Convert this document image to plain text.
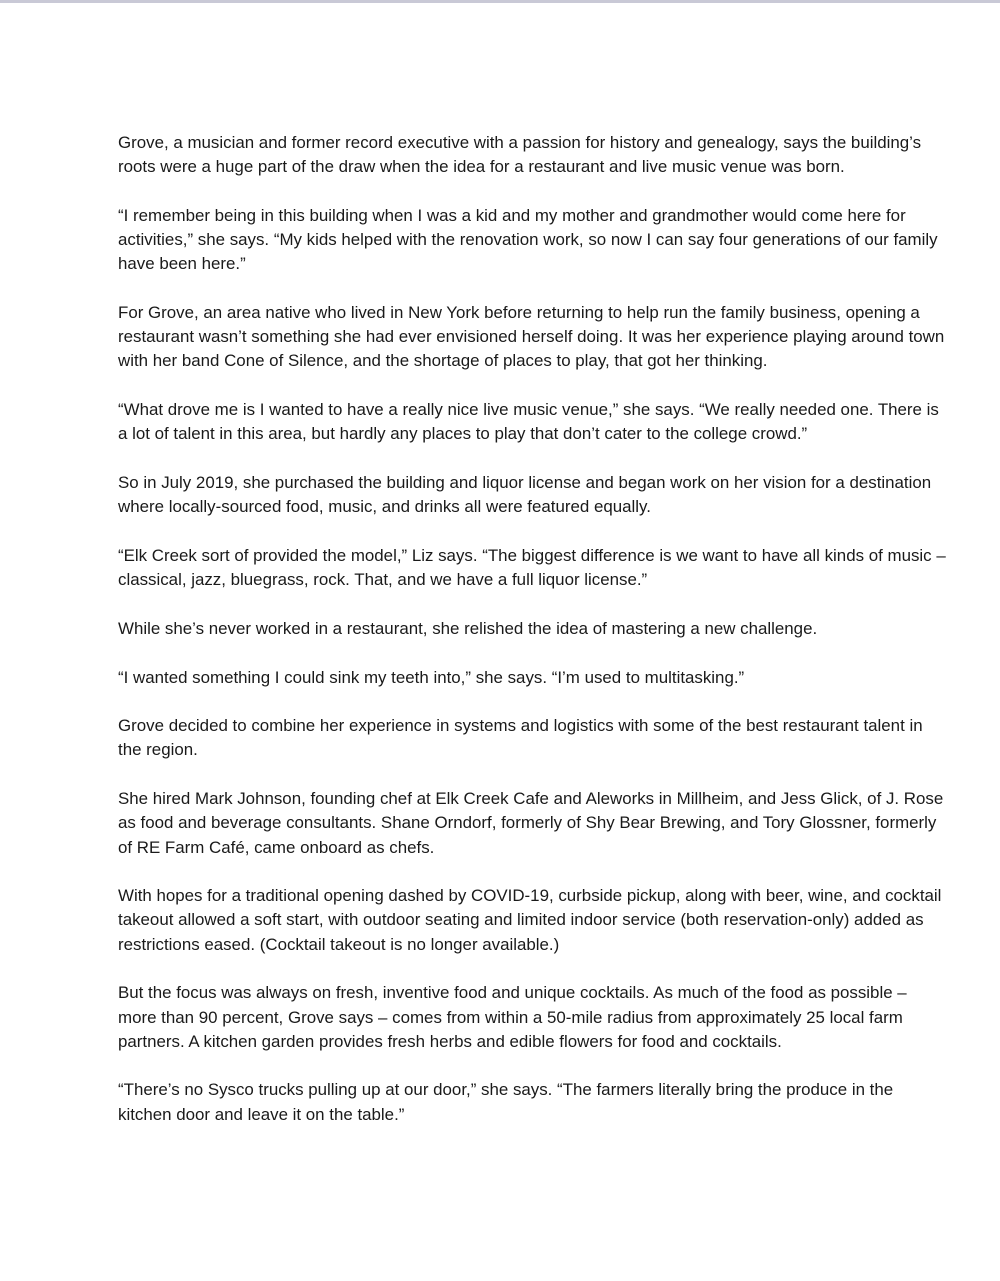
Grove, a musician and former record executive with a passion for history and genealogy, says the building’s roots were a huge part of the draw when the idea for a restaurant and live music venue was born.

“I remember being in this building when I was a kid and my mother and grandmother would come here for activities,” she says. “My kids helped with the renovation work, so now I can say four generations of our family have been here.”

For Grove, an area native who lived in New York before returning to help run the family business, opening a restaurant wasn’t something she had ever envisioned herself doing. It was her experience playing around town with her band Cone of Silence, and the shortage of places to play, that got her thinking.

“What drove me is I wanted to have a really nice live music venue,” she says. “We really needed one. There is a lot of talent in this area, but hardly any places to play that don’t cater to the college crowd.”

So in July 2019, she purchased the building and liquor license and began work on her vision for a destination where locally-sourced food, music, and drinks all were featured equally.

“Elk Creek sort of provided the model,” Liz says. “The biggest difference is we want to have all kinds of music – classical, jazz, bluegrass, rock. That, and we have a full liquor license.”

While she’s never worked in a restaurant, she relished the idea of mastering a new challenge.

“I wanted something I could sink my teeth into,” she says. “I’m used to multitasking.”

Grove decided to combine her experience in systems and logistics with some of the best restaurant talent in the region.

She hired Mark Johnson, founding chef at Elk Creek Cafe and Aleworks in Millheim, and Jess Glick, of J. Rose as food and beverage consultants. Shane Orndorf, formerly of Shy Bear Brewing, and Tory Glossner, formerly of RE Farm Café, came onboard as chefs.

With hopes for a traditional opening dashed by COVID-19, curbside pickup, along with beer, wine, and cocktail takeout allowed a soft start, with outdoor seating and limited indoor service (both reservation-only) added as restrictions eased. (Cocktail takeout is no longer available.)

But the focus was always on fresh, inventive food and unique cocktails. As much of the food as possible – more than 90 percent, Grove says – comes from within a 50-mile radius from approximately 25 local farm partners. A kitchen garden provides fresh herbs and edible flowers for food and cocktails.

“There’s no Sysco trucks pulling up at our door,” she says. “The farmers literally bring the produce in the kitchen door and leave it on the table.”
